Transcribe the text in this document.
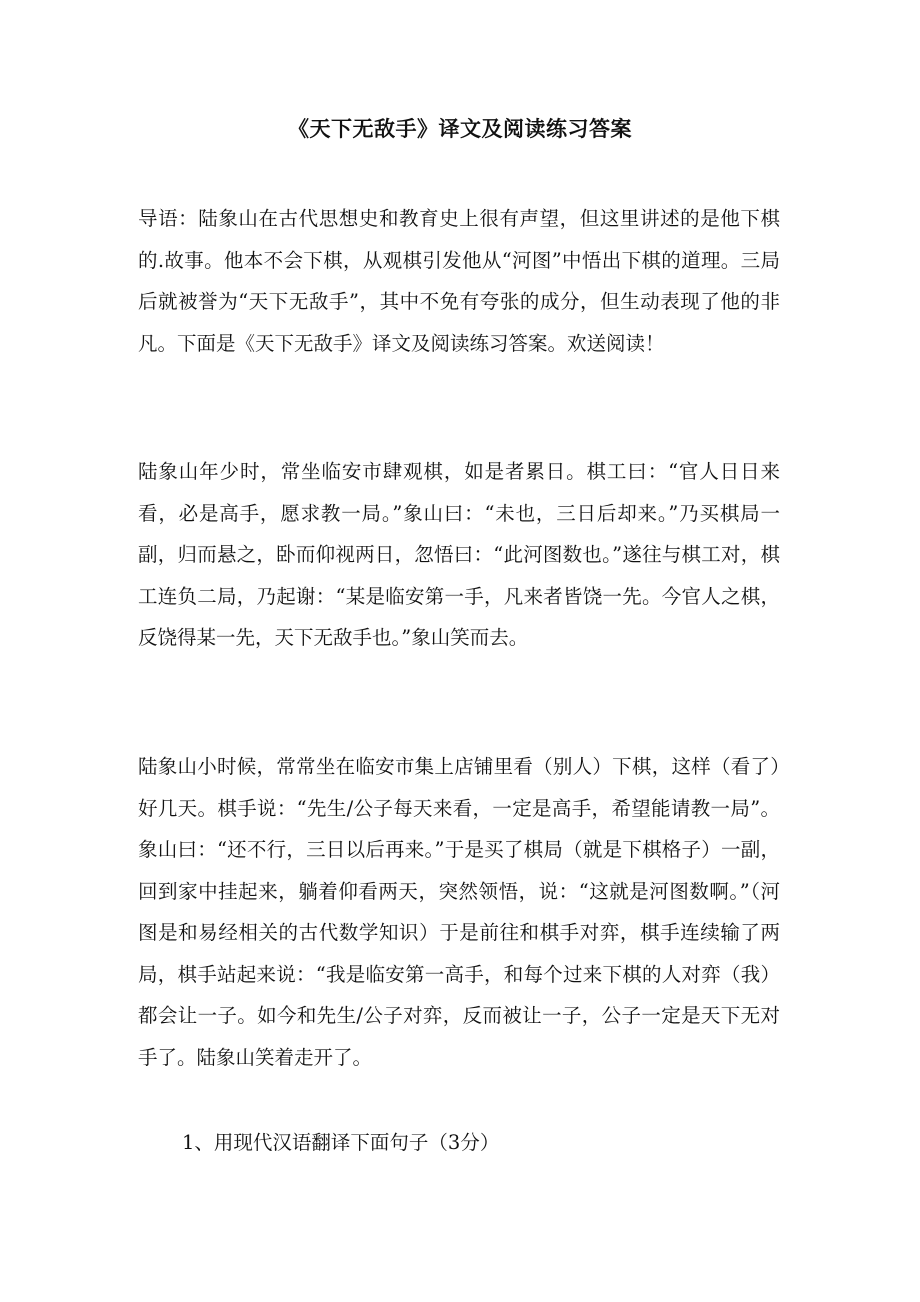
《天下无敌手》译文及阅读练习答案

导语：陆象山在古代思想史和教育史上很有声望，但这里讲述的是他下棋的.故事。他本不会下棋，从观棋引发他从“河图”中悟出下棋的道理。三局后就被誉为“天下无敌手”，其中不免有夸张的成分，但生动表现了他的非凡。下面是《天下无敌手》译文及阅读练习答案。欢送阅读！

陆象山年少时，常坐临安市肆观棋，如是者累日。棋工曰：“官人日日来看，必是高手，愿求教一局。”象山曰：“未也，三日后却来。”乃买棋局一副，归而悬之，卧而仰视两日，忽悟曰：“此河图数也。”遂往与棋工对，棋工连负二局，乃起谢：“某是临安第一手，凡来者皆饶一先。今官人之棋，反饶得某一先，天下无敌手也。”象山笑而去。

陆象山小时候，常常坐在临安市集上店铺里看（别人）下棋，这样（看了）好几天。棋手说：“先生/公子每天来看，一定是高手，希望能请教一局”。象山曰：“还不行，三日以后再来。”于是买了棋局（就是下棋格子）一副，回到家中挂起来，躺着仰看两天，突然领悟，说：“这就是河图数啊。”（河图是和易经相关的古代数学知识）于是前往和棋手对弈，棋手连续输了两局，棋手站起来说：“我是临安第一高手，和每个过来下棋的人对弈（我）都会让一子。如今和先生/公子对弈，反而被让一子，公子一定是天下无对手了。陆象山笑着走开了。

1、用现代汉语翻译下面句子（3分）
